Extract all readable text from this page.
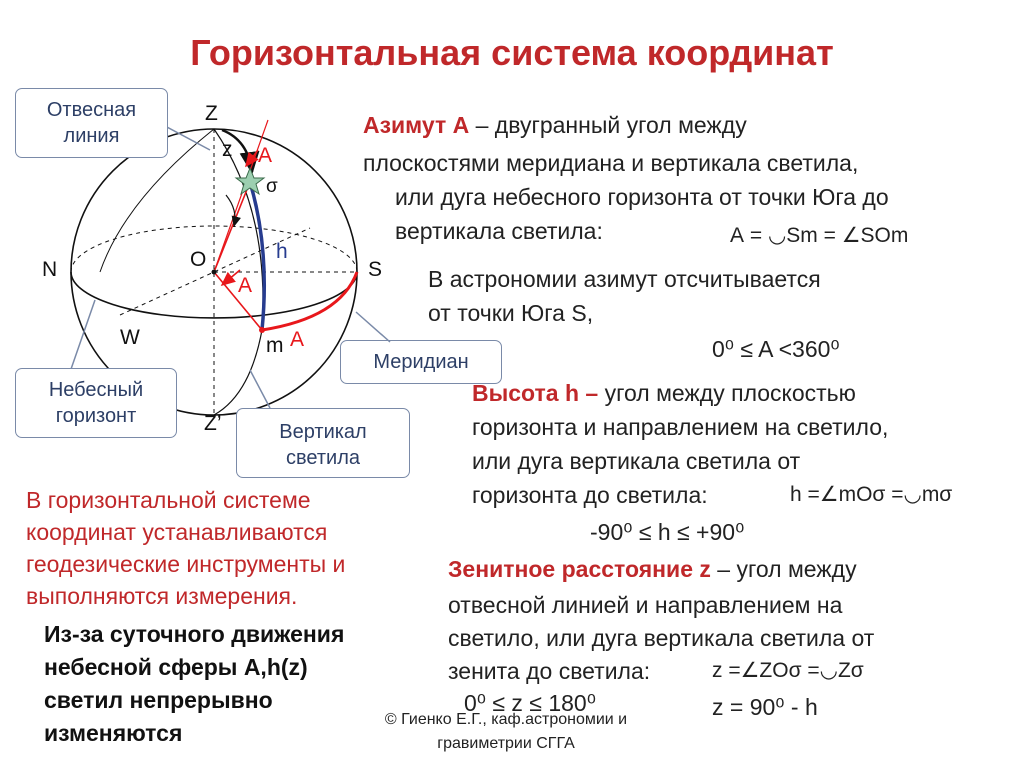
Горизонтальная система координат
Z
z A
σ
N	O	h
S
A
W	m A
Z’
Отвесная
линия
Небесный
горизонт
Меридиан
Вертикал
светила
Азимут А – двугранный угол между
плоскостями меридиана и вертикала светила,
или дуга небесного горизонта от точки Юга до
вертикала светила:	А = ◡Sm = ∠SOm
В астрономии азимут отсчитывается
от точки Юга S,
0⁰ ≤ A <360⁰
Высота h – угол между плоскостью
горизонта и направлением на светило,
или дуга вертикала светила от
горизонта до светила:	h =∠mOσ =◡mσ
-90⁰ ≤ h ≤ +90⁰
Зенитное расстояние z – угол между
отвесной линией и направлением на
светило, или дуга вертикала светила от
зенита до светила:	z =∠ZOσ =◡Zσ
0⁰ ≤ z ≤ 180⁰	z = 90⁰ - h
В горизонтальной системе
координат устанавливаются
геодезические инструменты и
выполняются измерения.
Из-за суточного движения
небесной сферы A,h(z)
светил непрерывно
изменяются
© Гиенко Е.Г., каф.астрономии и
гравиметрии СГГА
